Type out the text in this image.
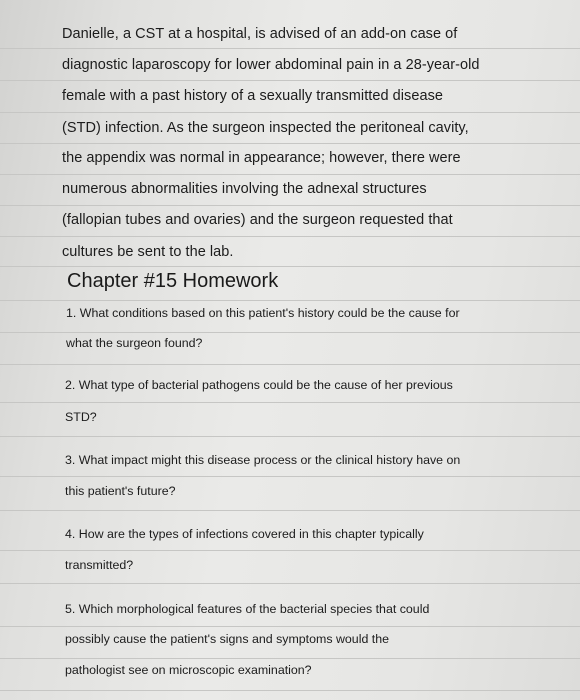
Danielle, a CST at a hospital, is advised of an add-on case of
diagnostic laparoscopy for lower abdominal pain in a 28-year-old
female with a past history of a sexually transmitted disease
(STD) infection. As the surgeon inspected the peritoneal cavity,
the appendix was normal in appearance; however, there were
numerous abnormalities involving the adnexal structures
(fallopian tubes and ovaries) and the surgeon requested that
cultures be sent to the lab.
Chapter #15 Homework
1. What conditions based on this patient's history could be the cause for
what the surgeon found?
2. What type of bacterial pathogens could be the cause of her previous
STD?
3. What impact might this disease process or the clinical history have on
this patient's future?
4. How are the types of infections covered in this chapter typically
transmitted?
5. Which morphological features of the bacterial species that could
possibly cause the patient's signs and symptoms would the
pathologist see on microscopic examination?
